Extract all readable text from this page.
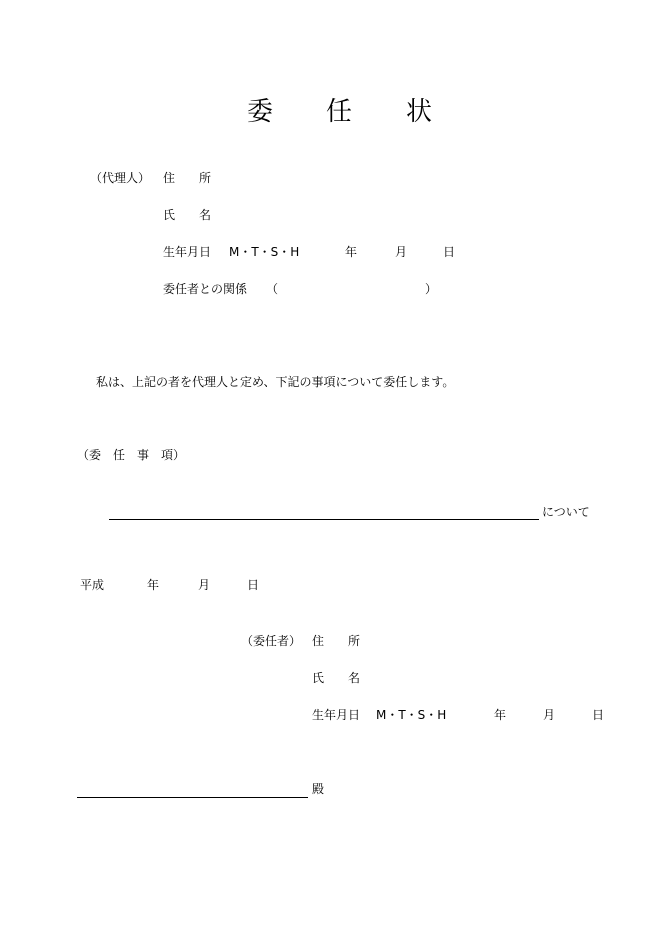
委 任 状
（代理人） 住　　所
氏　　名
生年月日 M・T・S・H	年	月	日
委任者との関係 （	）
私は、上記の者を代理人と定め、下記の事項について委任します。
（委　任　事　項）
について
平成	年	月	日
（委任者） 住　　所
氏　　名
生年月日 M・T・S・H	年	月	日
殿
